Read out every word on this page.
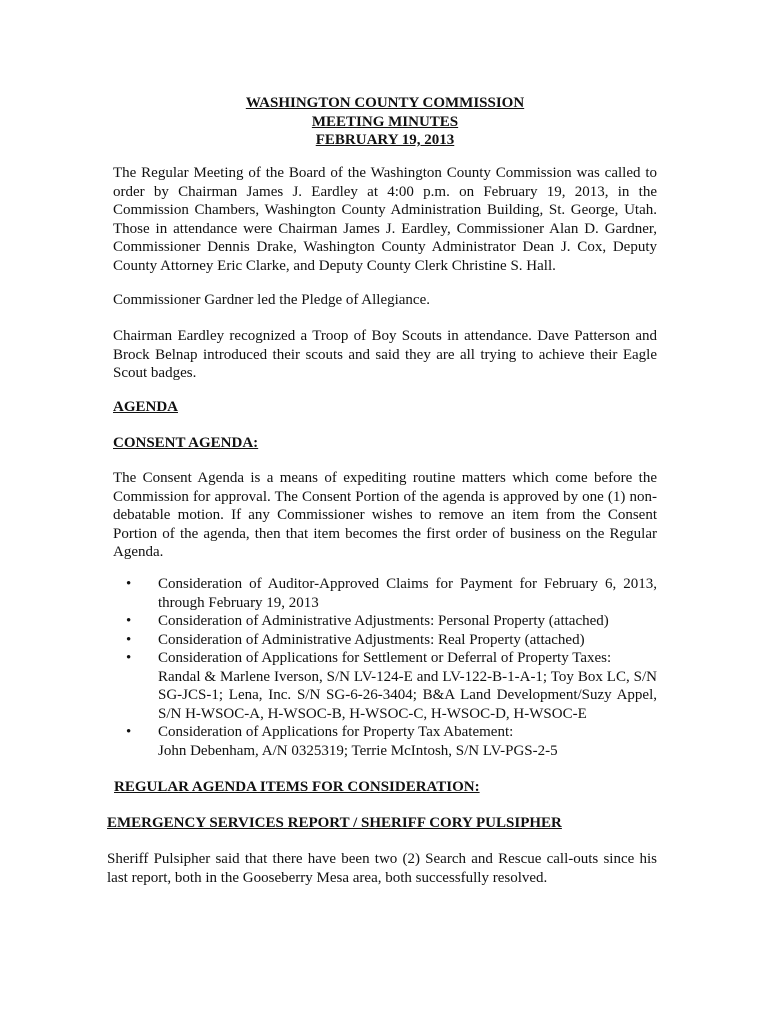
WASHINGTON COUNTY COMMISSION
MEETING MINUTES
FEBRUARY 19, 2013

The Regular Meeting of the Board of the Washington County Commission was called to order by Chairman James J. Eardley at 4:00 p.m. on February 19, 2013, in the Commission Chambers, Washington County Administration Building, St. George, Utah. Those in attendance were Chairman James J. Eardley, Commissioner Alan D. Gardner, Commissioner Dennis Drake, Washington County Administrator Dean J. Cox, Deputy County Attorney Eric Clarke, and Deputy County Clerk Christine S. Hall.

Commissioner Gardner led the Pledge of Allegiance.

Chairman Eardley recognized a Troop of Boy Scouts in attendance. Dave Patterson and Brock Belnap introduced their scouts and said they are all trying to achieve their Eagle Scout badges.

AGENDA
CONSENT AGENDA:

The Consent Agenda is a means of expediting routine matters which come before the Commission for approval. The Consent Portion of the agenda is approved by one (1) non-debatable motion. If any Commissioner wishes to remove an item from the Consent Portion of the agenda, then that item becomes the first order of business on the Regular Agenda.

• Consideration of Auditor-Approved Claims for Payment for February 6, 2013, through February 19, 2013
• Consideration of Administrative Adjustments: Personal Property (attached)
• Consideration of Administrative Adjustments: Real Property (attached)
• Consideration of Applications for Settlement or Deferral of Property Taxes:
Randal & Marlene Iverson, S/N LV-124-E and LV-122-B-1-A-1; Toy Box LC, S/N SG-JCS-1; Lena, Inc. S/N SG-6-26-3404; B&A Land Development/Suzy Appel, S/N H-WSOC-A, H-WSOC-B, H-WSOC-C, H-WSOC-D, H-WSOC-E
• Consideration of Applications for Property Tax Abatement:
John Debenham, A/N 0325319; Terrie McIntosh, S/N LV-PGS-2-5
REGULAR AGENDA ITEMS FOR CONSIDERATION:
EMERGENCY SERVICES REPORT / SHERIFF CORY PULSIPHER

Sheriff Pulsipher said that there have been two (2) Search and Rescue call-outs since his last report, both in the Gooseberry Mesa area, both successfully resolved.
